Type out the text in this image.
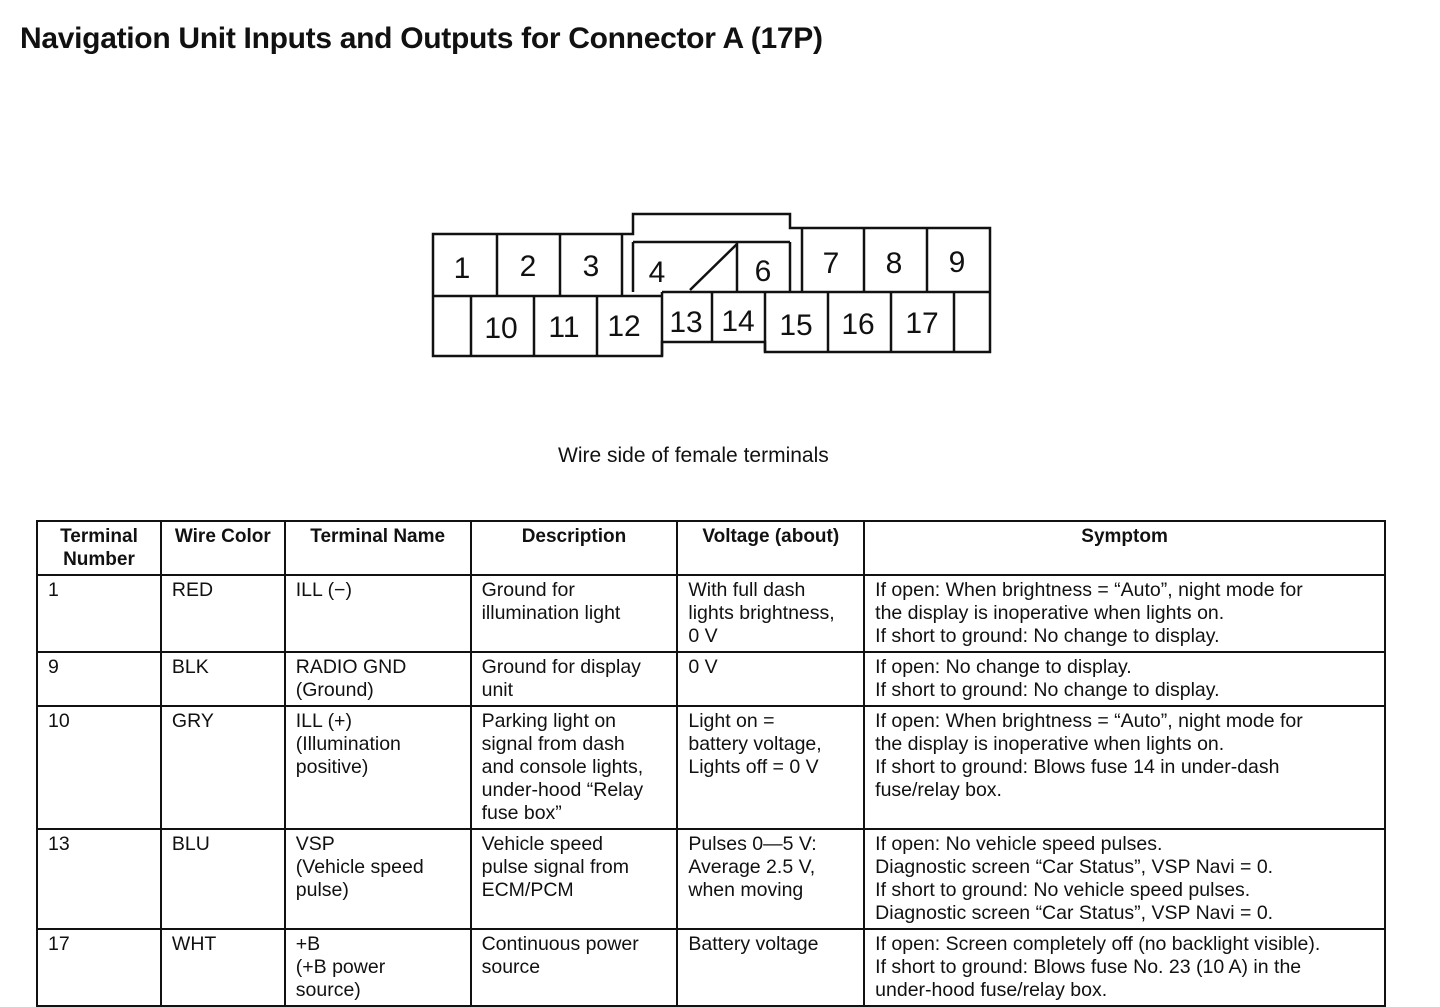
Navigation Unit Inputs and Outputs for Connector A (17P)
1 2 3 4	6 7 8 9
10 11 12 13 14 15 16 17
Wire side of female terminals
Terminal
Number	Wire Color	Terminal Name	Description	Voltage (about)	Symptom
1	RED	ILL (−)	Ground for
illumination light	With full dash
lights brightness,
0 V	If open: When brightness = “Auto”, night mode for
the display is inoperative when lights on.
If short to ground: No change to display.

9	BLK	RADIO GND
(Ground)	Ground for display
unit	0 V	If open: No change to display.
If short to ground: No change to display.

10	GRY	ILL (+)
(Illumination
positive)	Parking light on
signal from dash
and console lights,
under-hood “Relay
fuse box”	Light on =
battery voltage,
Lights off = 0 V	If open: When brightness = “Auto”, night mode for
the display is inoperative when lights on.
If short to ground: Blows fuse 14 in under-dash
fuse/relay box.

13	BLU	VSP
(Vehicle speed
pulse)	Vehicle speed
pulse signal from
ECM/PCM	Pulses 0—5 V:
Average 2.5 V,
when moving	If open: No vehicle speed pulses.
Diagnostic screen “Car Status”, VSP Navi = 0.
If short to ground: No vehicle speed pulses.
Diagnostic screen “Car Status”, VSP Navi = 0.

17	WHT	+B
(+B power
source)	Continuous power
source	Battery voltage	If open: Screen completely off (no backlight visible).
If short to ground: Blows fuse No. 23 (10 A) in the
under-hood fuse/relay box.
